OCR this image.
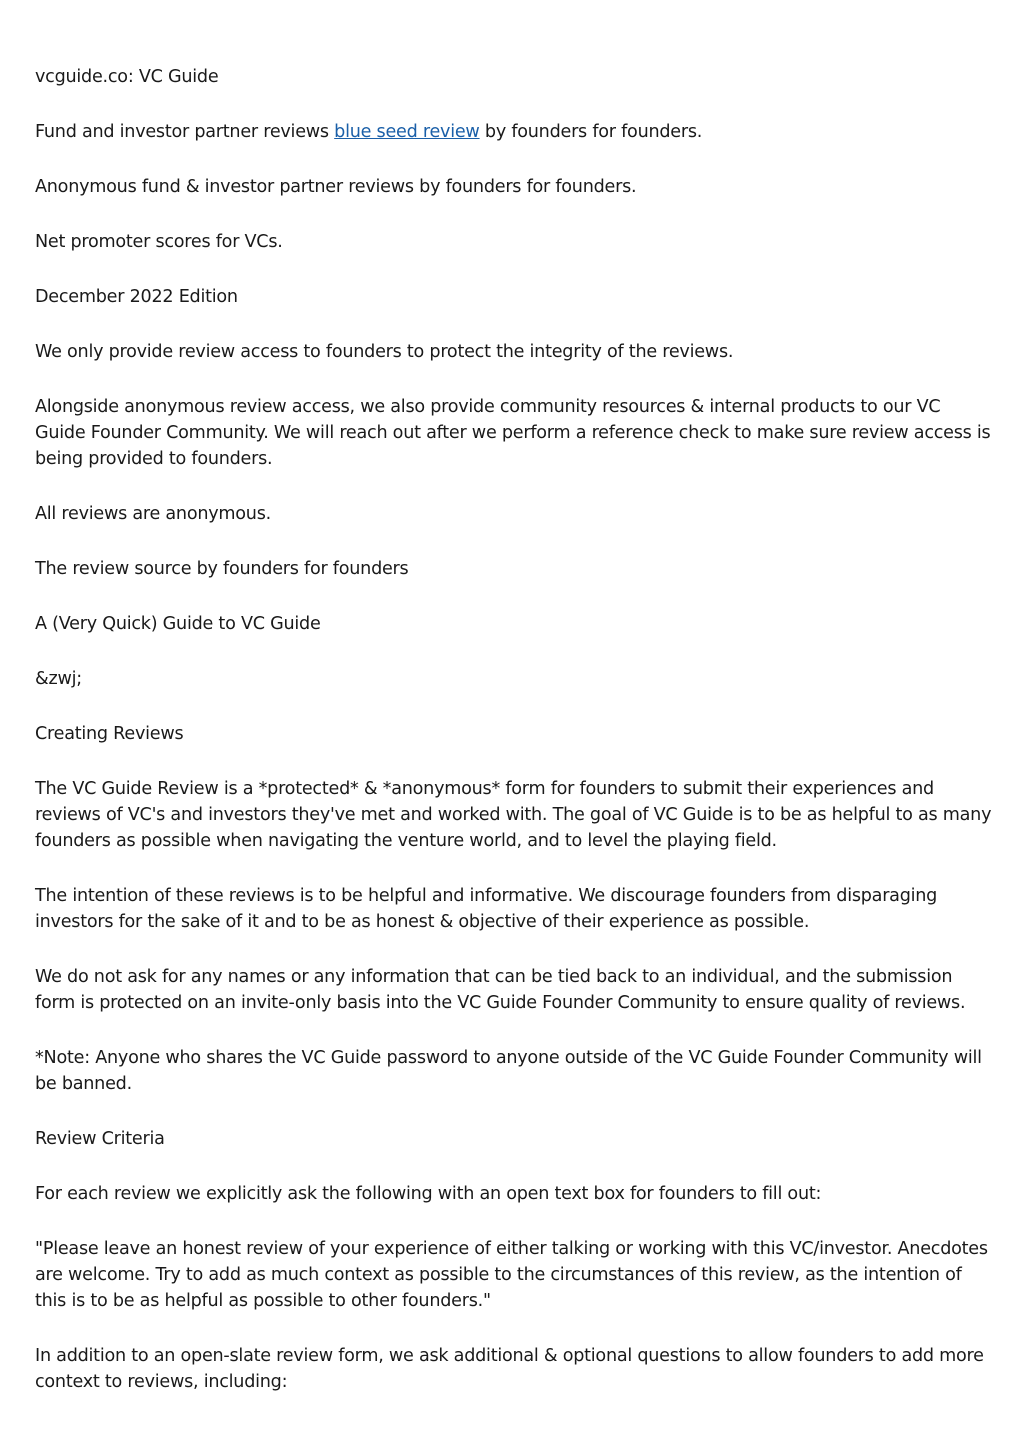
vcguide.co: VC Guide

Fund and investor partner reviews blue seed review by founders for founders.

Anonymous fund & investor partner reviews by founders for founders.

Net promoter scores for VCs.

December 2022 Edition

We only provide review access to founders to protect the integrity of the reviews.

Alongside anonymous review access, we also provide community resources & internal products to our VC Guide Founder Community. We will reach out after we perform a reference check to make sure review access is being provided to founders.

All reviews are anonymous.

The review source by founders for founders

A (Very Quick) Guide to VC Guide

&zwj;

Creating Reviews

The VC Guide Review is a *protected* & *anonymous* form for founders to submit their experiences and reviews of VC's and investors they've met and worked with. The goal of VC Guide is to be as helpful to as many founders as possible when navigating the venture world, and to level the playing field.

The intention of these reviews is to be helpful and informative. We discourage founders from disparaging investors for the sake of it and to be as honest & objective of their experience as possible.

We do not ask for any names or any information that can be tied back to an individual, and the submission form is protected on an invite-only basis into the VC Guide Founder Community to ensure quality of reviews.

*Note: Anyone who shares the VC Guide password to anyone outside of the VC Guide Founder Community will be banned.

Review Criteria

For each review we explicitly ask the following with an open text box for founders to fill out:

"Please leave an honest review of your experience of either talking or working with this VC/investor. Anecdotes are welcome. Try to add as much context as possible to the circumstances of this review, as the intention of this is to be as helpful as possible to other founders."

In addition to an open-slate review form, we ask additional & optional questions to allow founders to add more context to reviews, including:
